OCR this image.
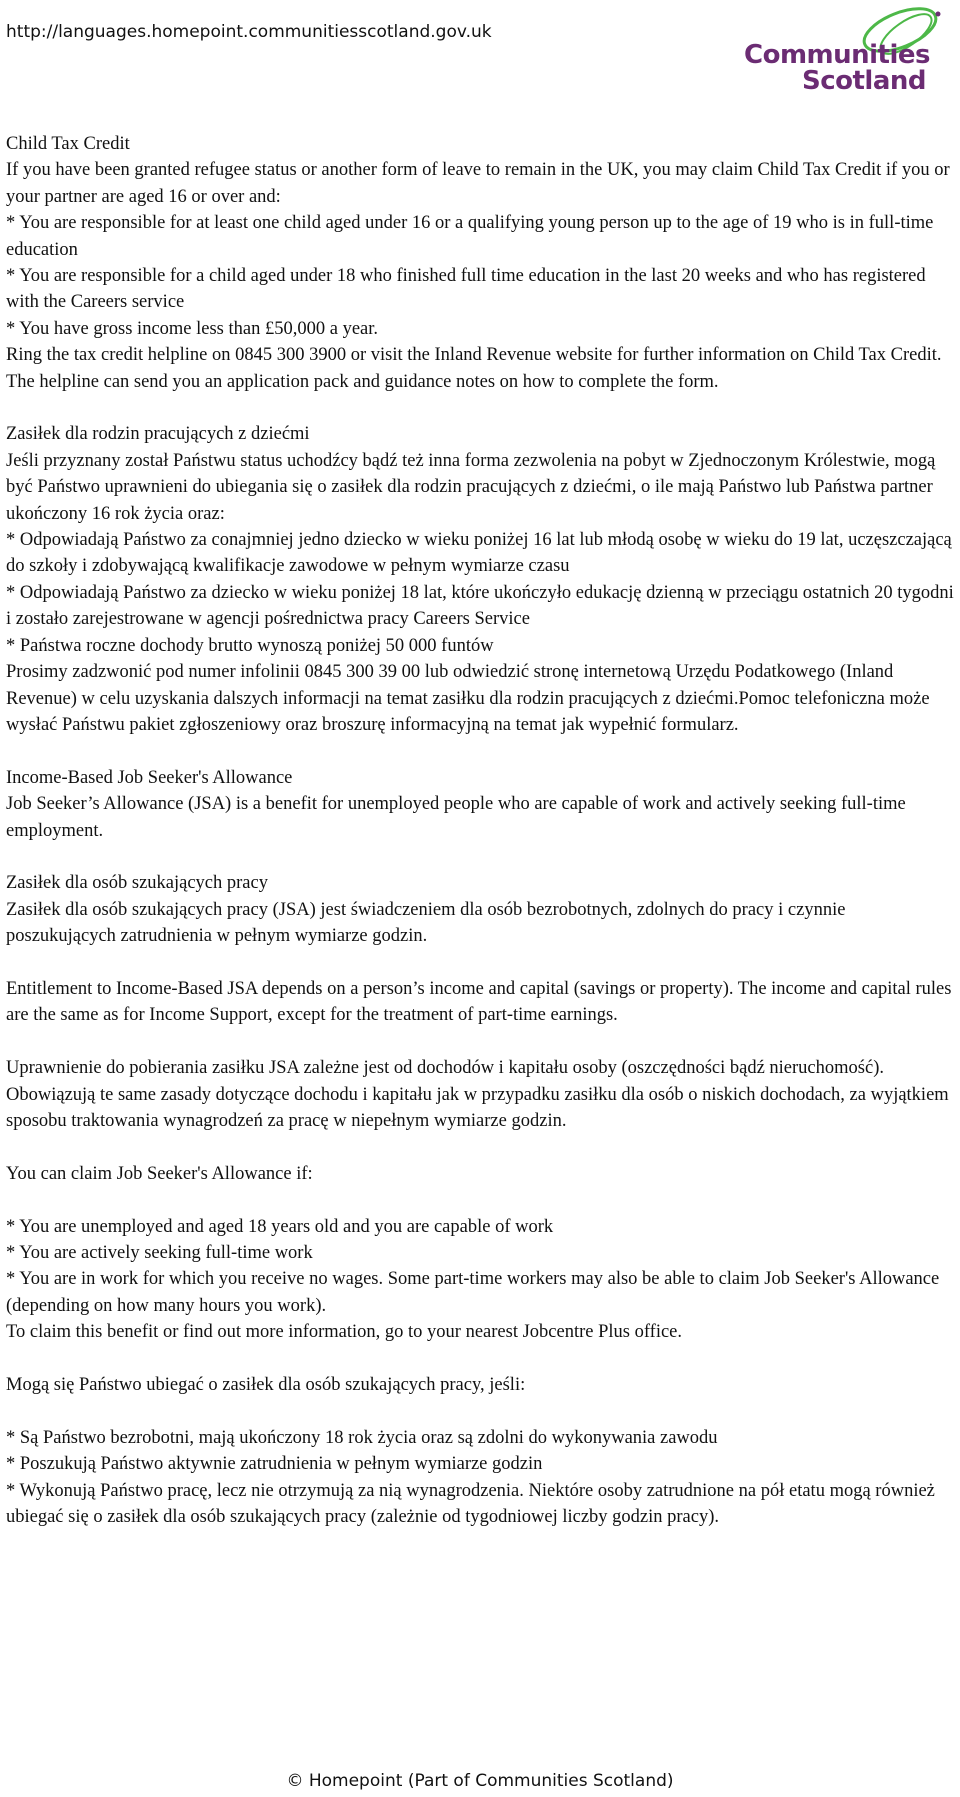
http://languages.homepoint.communitiesscotland.gov.uk
Communities
Scotland

Child Tax Credit
If you have been granted refugee status or another form of leave to remain in the UK, you may claim Child Tax Credit if you or your partner are aged 16 or over and:
* You are responsible for at least one child aged under 16 or a qualifying young person up to the age of 19 who is in full-time education
* You are responsible for a child aged under 18 who finished full time education in the last 20 weeks and who has registered with the Careers service
* You have gross income less than £50,000 a year.
Ring the tax credit helpline on 0845 300 3900 or visit the Inland Revenue website for further information on Child Tax Credit. The helpline can send you an application pack and guidance notes on how to complete the form.

Zasiłek dla rodzin pracujących z dziećmi
Jeśli przyznany został Państwu status uchodźcy bądź też inna forma zezwolenia na pobyt w Zjednoczonym Królestwie, mogą być Państwo uprawnieni do ubiegania się o zasiłek dla rodzin pracujących z dziećmi, o ile mają Państwo lub Państwa partner ukończony 16 rok życia oraz:
* Odpowiadają Państwo za conajmniej jedno dziecko w wieku poniżej 16 lat lub młodą osobę w wieku do 19 lat, uczęszczającą do szkoły i zdobywającą kwalifikacje zawodowe w pełnym wymiarze czasu
* Odpowiadają Państwo za dziecko w wieku poniżej 18 lat, które ukończyło edukację dzienną w przeciągu ostatnich 20 tygodni i zostało zarejestrowane w agencji pośrednictwa pracy Careers Service
* Państwa roczne dochody brutto wynoszą poniżej 50 000 funtów
Prosimy zadzwonić pod numer infolinii 0845 300 39 00 lub odwiedzić stronę internetową Urzędu Podatkowego (Inland Revenue) w celu uzyskania dalszych informacji na temat zasiłku dla rodzin pracujących z dziećmi.Pomoc telefoniczna może wysłać Państwu pakiet zgłoszeniowy oraz broszurę informacyjną na temat jak wypełnić formularz.

Income-Based Job Seeker's Allowance
Job Seeker’s Allowance (JSA) is a benefit for unemployed people who are capable of work and actively seeking full-time employment.

Zasiłek dla osób szukających pracy
Zasiłek dla osób szukających pracy (JSA) jest świadczeniem dla osób bezrobotnych, zdolnych do pracy i czynnie poszukujących zatrudnienia w pełnym wymiarze godzin.

Entitlement to Income-Based JSA depends on a person’s income and capital (savings or property). The income and capital rules are the same as for Income Support, except for the treatment of part-time earnings.

Uprawnienie do pobierania zasiłku JSA zależne jest od dochodów i kapitału osoby (oszczędności bądź nieruchomość). Obowiązują te same zasady dotyczące dochodu i kapitału jak w przypadku zasiłku dla osób o niskich dochodach, za wyjątkiem sposobu traktowania wynagrodzeń za pracę w niepełnym wymiarze godzin.

You can claim Job Seeker's Allowance if:

* You are unemployed and aged 18 years old and you are capable of work
* You are actively seeking full-time work
* You are in work for which you receive no wages. Some part-time workers may also be able to claim Job Seeker's Allowance (depending on how many hours you work).
To claim this benefit or find out more information, go to your nearest Jobcentre Plus office.

Mogą się Państwo ubiegać o zasiłek dla osób szukających pracy, jeśli:

* Są Państwo bezrobotni, mają ukończony 18 rok życia oraz są zdolni do wykonywania zawodu
* Poszukują Państwo aktywnie zatrudnienia w pełnym wymiarze godzin
* Wykonują Państwo pracę, lecz nie otrzymują za nią wynagrodzenia. Niektóre osoby zatrudnione na pół etatu mogą również ubiegać się o zasiłek dla osób szukających pracy (zależnie od tygodniowej liczby godzin pracy).

© Homepoint (Part of Communities Scotland)
